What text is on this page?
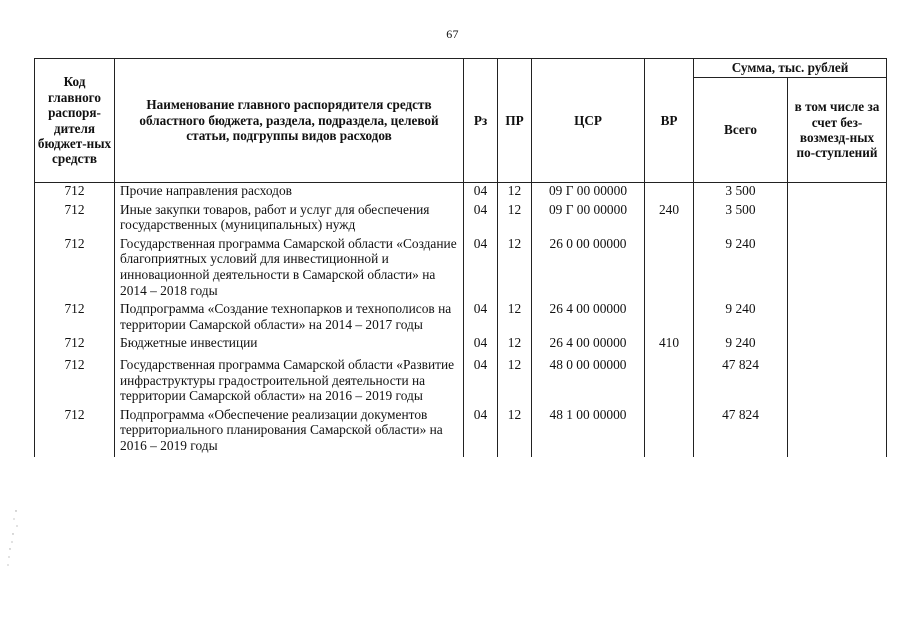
67
Код главного распоря-дителя бюджет-ных средств	Наименование главного распорядителя средств областного бюджета, раздела, подраздела, целевой статьи, подгруппы видов расходов	Рз	ПР	ЦСР	ВР	Сумма, тыс. рублей	
						Всего	в том числе за счет без-возмезд-ных по-ступлений
712	Прочие направления расходов	04	12	09 Г 00 00000		3 500	
712	Иные закупки товаров, работ и услуг для обеспечения государственных (муниципальных) нужд	04	12	09 Г 00 00000	240	3 500	
712	Государственная программа Самарской области «Создание благоприятных условий для инвестиционной и инновационной деятельности в Самарской области» на 2014 – 2018 годы	04	12	26 0 00 00000		9 240	
712	Подпрограмма «Создание технопарков и технополисов на территории Самарской области» на 2014 – 2017 годы	04	12	26 4 00 00000		9 240	
712	Бюджетные инвестиции	04	12	26 4 00 00000	410	9 240	
712	Государственная программа Самарской области «Развитие инфраструктуры градостроительной деятельности на территории Самарской области» на 2016 – 2019 годы	04	12	48 0 00 00000		47 824	
712	Подпрограмма «Обеспечение реализации документов территориального планирования Самарской области» на 2016 – 2019 годы	04	12	48 1 00 00000		47 824	
